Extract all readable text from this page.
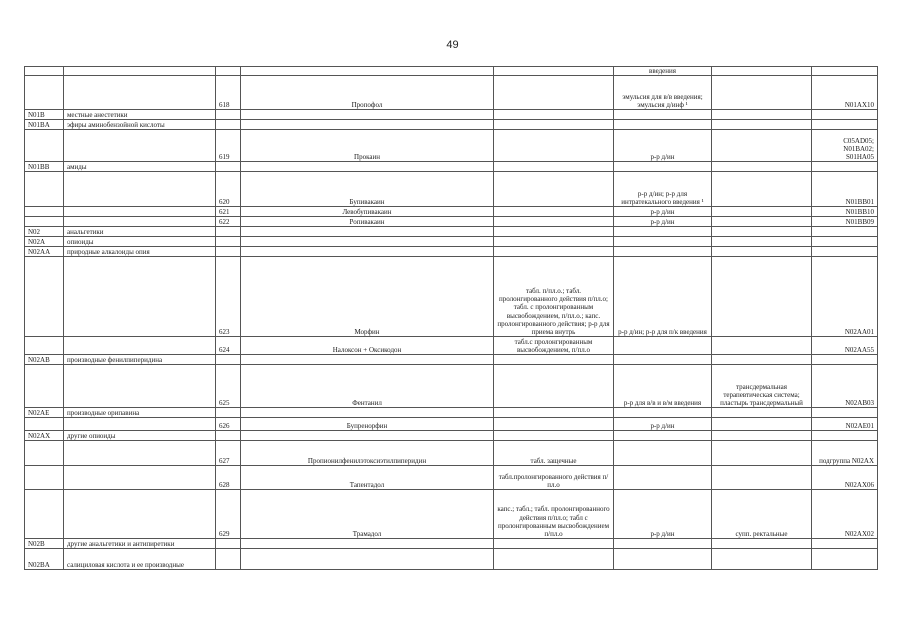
49
					введения		
		618	Пропофол		эмульсия для в/в введения; эмульсия д/инф ¹		N01AX10
N01B	местные анестетики						
N01BA	эфиры аминобензойной кислоты						
		619	Прокаин		р-р д/ин		C05AD05; N01BA02; S01HA05
N01BB	амиды						
		620	Бупивакаин		р-р д/ин; р-р для интратекального введения ¹		N01BB01
		621	Левобупивакаин		р-р д/ин		N01BB10
		622	Ропивакаин		р-р д/ин		N01BB09
N02	анальгетики						
N02A	опиоиды						
N02AA	природные алкалоиды опия						
		623	Морфин	табл. п/пл.о.; табл. пролонгированного действия п/пл.о; табл. с пролонгированным высвобождением, п/пл.о.; капс. пролонгированного действия; р-р для приема внутрь	р-р д/ин; р-р для п/к введения		N02AA01
		624	Налоксон + Оксикодон	табл.с пролонгированным высвобождением, п/пл.о			N02AA55
N02AB	производные фенилпиперидина						
		625	Фентанил		р-р для в/в и в/м введения	трансдермальная терапевтическая система; пластырь трансдермальный	N02AB03
N02AE	производные орипавина						
		626	Бупренорфин		р-р д/ин		N02AE01
N02AX	другие опиоиды						
		627	Пропионилфенилэтоксиэтилпиперидин	табл. защечные			подгруппа N02AX
		628	Тапентадол	табл.пролонгированного действия п/пл.о			N02AX06
		629	Трамадол	капс.; табл.; табл. пролонгированного действия п/пл.о; табл с пролонгированным высвобождением п/пл.о	р-р д/ин	супп. ректальные	N02AX02
N02B	другие анальгетики и антипиретики						
N02BA	салициловая кислота и ее производные						
